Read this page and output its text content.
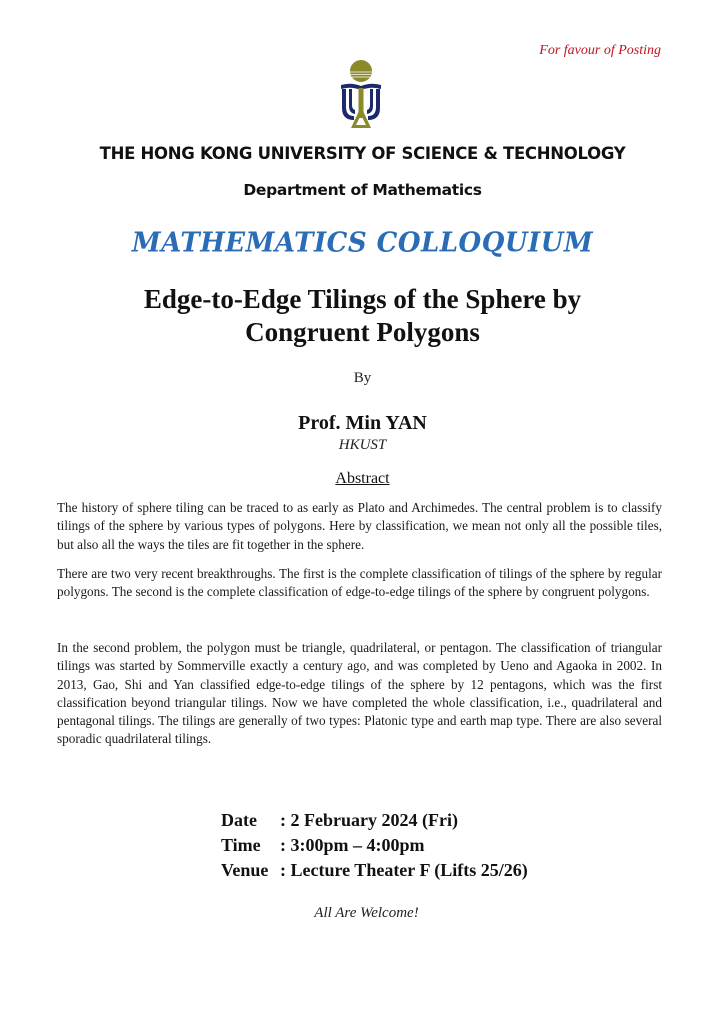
For favour of Posting
THE HONG KONG UNIVERSITY OF SCIENCE & TECHNOLOGY
Department of Mathematics
MATHEMATICS COLLOQUIUM
Edge-to-Edge Tilings of the Sphere by
Congruent Polygons
By
Prof. Min YAN
HKUST
Abstract
The history of sphere tiling can be traced to as early as Plato and Archimedes. The central problem is to classify tilings of the sphere by various types of polygons. Here by classification, we mean not only all the possible tiles, but also all the ways the tiles are fit together in the sphere.
There are two very recent breakthroughs. The first is the complete classification of tilings of the sphere by regular polygons. The second is the complete classification of edge-to-edge tilings of the sphere by congruent polygons.
In the second problem, the polygon must be triangle, quadrilateral, or pentagon. The classification of triangular tilings was started by Sommerville exactly a century ago, and was completed by Ueno and Agaoka in 2002. In 2013, Gao, Shi and Yan classified edge-to-edge tilings of the sphere by 12 pentagons, which was the first classification beyond triangular tilings. Now we have completed the whole classification, i.e., quadrilateral and pentagonal tilings. The tilings are generally of two types: Platonic type and earth map type. There are also several sporadic quadrilateral tilings.
Date	: 2 February 2024 (Fri)
Time	: 3:00pm – 4:00pm
Venue : Lecture Theater F (Lifts 25/26)
All Are Welcome!
